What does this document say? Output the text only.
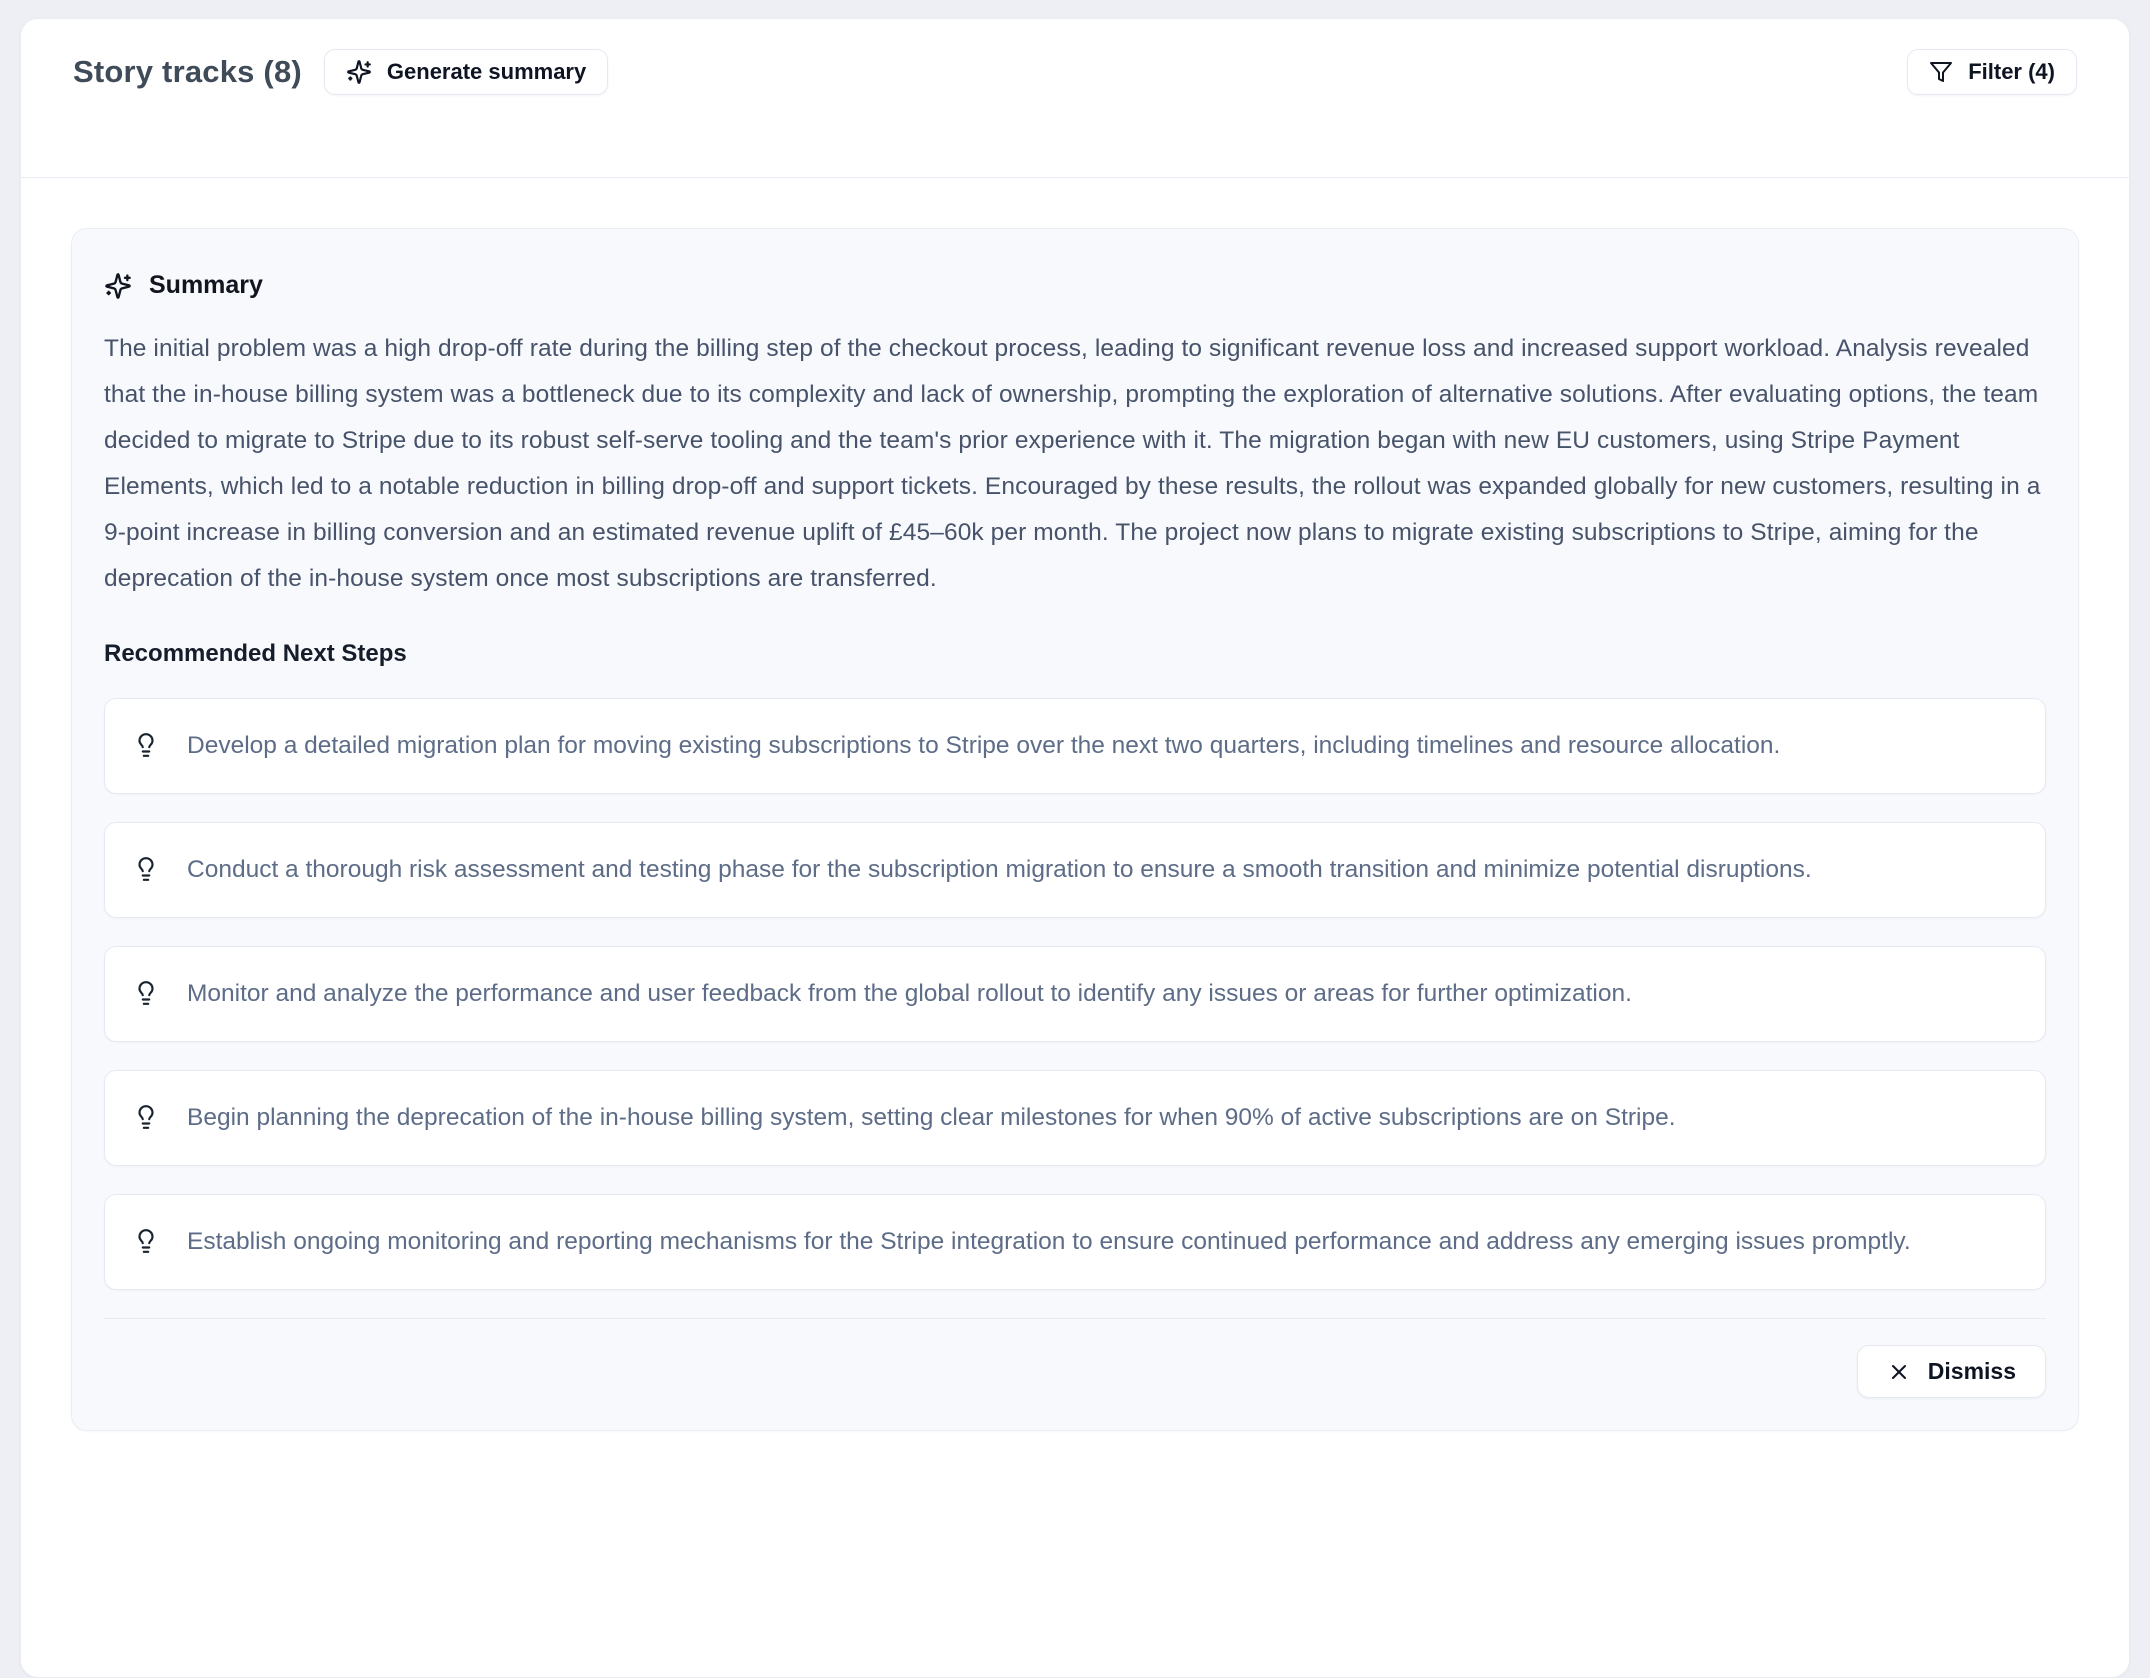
Story tracks (8)	Generate summary	Filter (4)
Summary

The initial problem was a high drop-off rate during the billing step of the checkout process, leading to significant revenue loss and increased support workload. Analysis revealed that the in-house billing system was a bottleneck due to its complexity and lack of ownership, prompting the exploration of alternative solutions. After evaluating options, the team decided to migrate to Stripe due to its robust self-serve tooling and the team's prior experience with it. The migration began with new EU customers, using Stripe Payment Elements, which led to a notable reduction in billing drop-off and support tickets. Encouraged by these results, the rollout was expanded globally for new customers, resulting in a 9-point increase in billing conversion and an estimated revenue uplift of £45–60k per month. The project now plans to migrate existing subscriptions to Stripe, aiming for the deprecation of the in-house system once most subscriptions are transferred.

Recommended Next Steps
Develop a detailed migration plan for moving existing subscriptions to Stripe over the next two quarters, including timelines and resource allocation.
Conduct a thorough risk assessment and testing phase for the subscription migration to ensure a smooth transition and minimize potential disruptions.
Monitor and analyze the performance and user feedback from the global rollout to identify any issues or areas for further optimization.
Begin planning the deprecation of the in-house billing system, setting clear milestones for when 90% of active subscriptions are on Stripe.
Establish ongoing monitoring and reporting mechanisms for the Stripe integration to ensure continued performance and address any emerging issues promptly.
Dismiss
